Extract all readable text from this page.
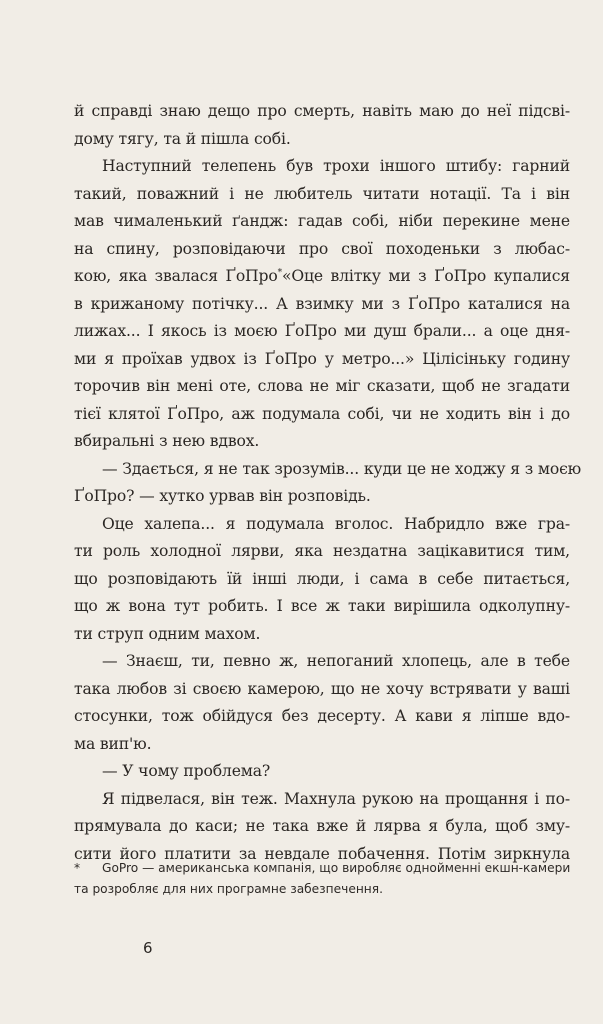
й справді знаю дещо про смерть, навіть маю до неї підсві-
дому тягу, та й пішла собі.
Наступний телепень був трохи іншого штибу: гарний
такий, поважний і не любитель читати нотації. Та і він
мав чималенький ґандж: гадав собі, ніби перекине мене
на спину, розповідаючи про свої походеньки з любас-
кою, яка звалася ҐоПро*«Оце влітку ми з ҐоПро купалися
в крижаному потічку... А взимку ми з ҐоПро каталися на
лижах... І якось із моєю ҐоПро ми душ брали... а оце дня-
ми я проїхав удвох із ҐоПро у метро...» Цілісіньку годину
торочив він мені оте, слова не міг сказати, щоб не згадати
тієї клятої ҐоПро, аж подумала собі, чи не ходить він і до
вбиральні з нею вдвох.
— Здається, я не так зрозумів... куди це не ходжу я з моєю
ҐоПро? — хутко урвав він розповідь.
Оце халепа... я подумала вголос. Набридло вже гра-
ти роль холодної лярви, яка нездатна зацікавитися тим,
що розповідають їй інші люди, і сама в себе питається,
що ж вона тут робить. І все ж таки вирішила одколупну-
ти струп одним махом.
— Знаєш, ти, певно ж, непоганий хлопець, але в тебе
така любов зі своєю камерою, що не хочу встрявати у ваші
стосунки, тож обійдуся без десерту. А кави я ліпше вдо-
ма вип'ю.
— У чому проблема?
Я підвелася, він теж. Махнула рукою на прощання і по-
прямувала до каси; не така вже й лярва я була, щоб зму-
сити його платити за невдале побачення. Потім зиркнула
* GoPro — американська компанія, що виробляє однойменні екшн-камери
та розробляє для них програмне забезпечення.
6
